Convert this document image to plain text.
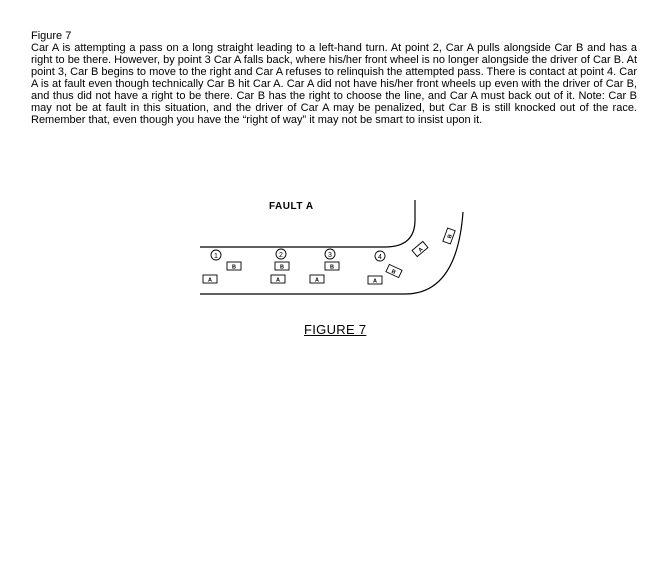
Figure 7

Car A is attempting a pass on a long straight leading to a left-hand turn. At point 2, Car A pulls alongside Car B and has a right to be there. However, by point 3 Car A falls back, where his/her front wheel is no longer alongside the driver of Car B. At point 3, Car B begins to move to the right and Car A refuses to relinquish the attempted pass. There is contact at point 4. Car A is at fault even though technically Car B hit Car A. Car A did not have his/her front wheels up even with the driver of Car B, and thus did not have a right to be there. Car B has the right to choose the line, and Car A must back out of it. Note: Car B may not be at fault in this situation, and the driver of Car A may be penalized, but Car B is still knocked out of the race. Remember that, even though you have the “right of way” it may not be smart to insist upon it.

1	2	3	4
B	B	B
A	A	A	A
B
A
B
FAULT A
FIGURE 7
